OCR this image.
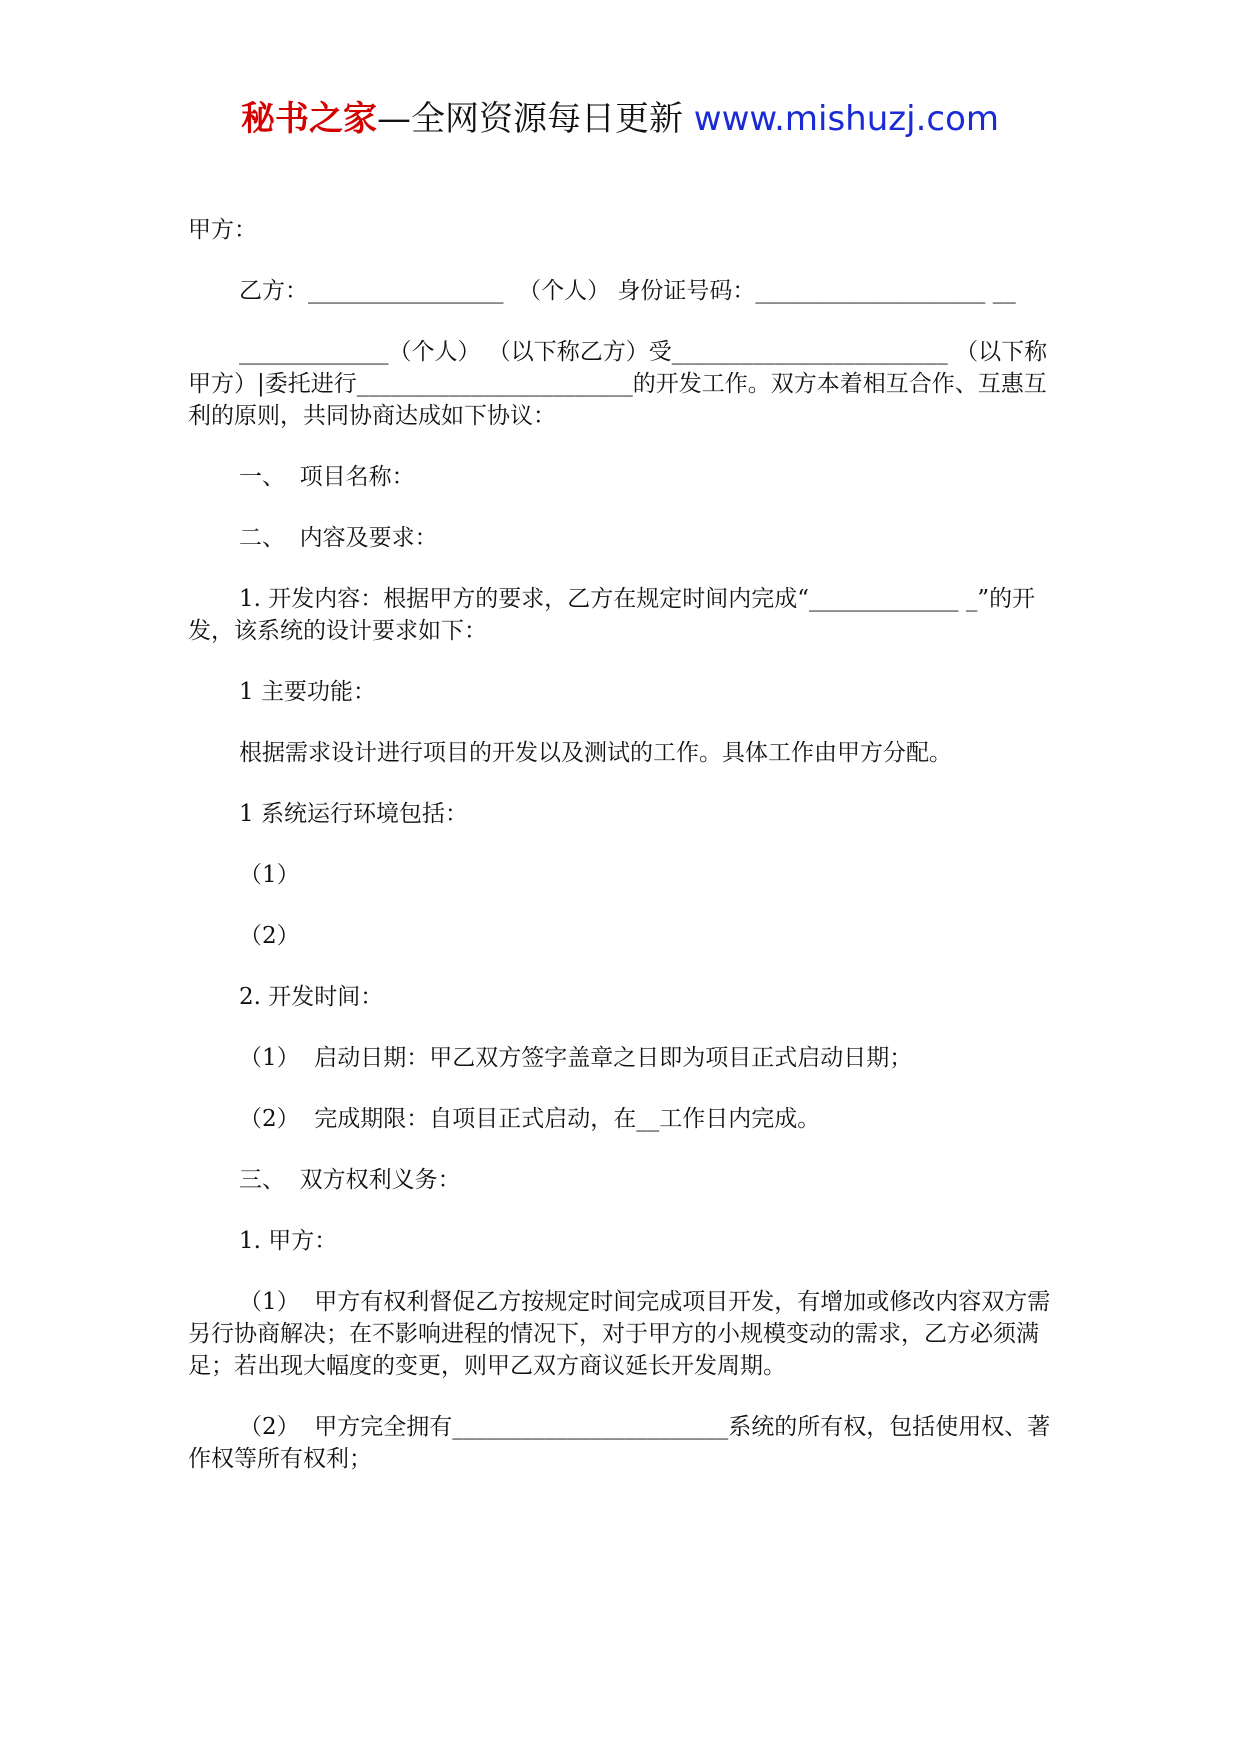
秘书之家—全网资源每日更新 www.mishuzj.com

甲方：

乙方：_________________  （个人） 身份证号码：____________________ __

_____________（个人） （以下称乙方）受________________________ （以下称甲方）|委托进行________________________的开发工作。双方本着相互合作、互惠互利的原则，共同协商达成如下协议：

一、  项目名称：

二、  内容及要求：

1. 开发内容：根据甲方的要求，乙方在规定时间内完成“_____________ _”的开发，该系统的设计要求如下：

1 主要功能：

根据需求设计进行项目的开发以及测试的工作。具体工作由甲方分配。

1 系统运行环境包括：

（1）

（2）

2. 开发时间：

（1）  启动日期：甲乙双方签字盖章之日即为项目正式启动日期；

（2）  完成期限：自项目正式启动，在__工作日内完成。

三、  双方权利义务：

1. 甲方：

（1）  甲方有权利督促乙方按规定时间完成项目开发，有增加或修改内容双方需另行协商解决；在不影响进程的情况下，对于甲方的小规模变动的需求，乙方必须满足；若出现大幅度的变更，则甲乙双方商议延长开发周期。

（2）  甲方完全拥有________________________系统的所有权，包括使用权、著作权等所有权利；
